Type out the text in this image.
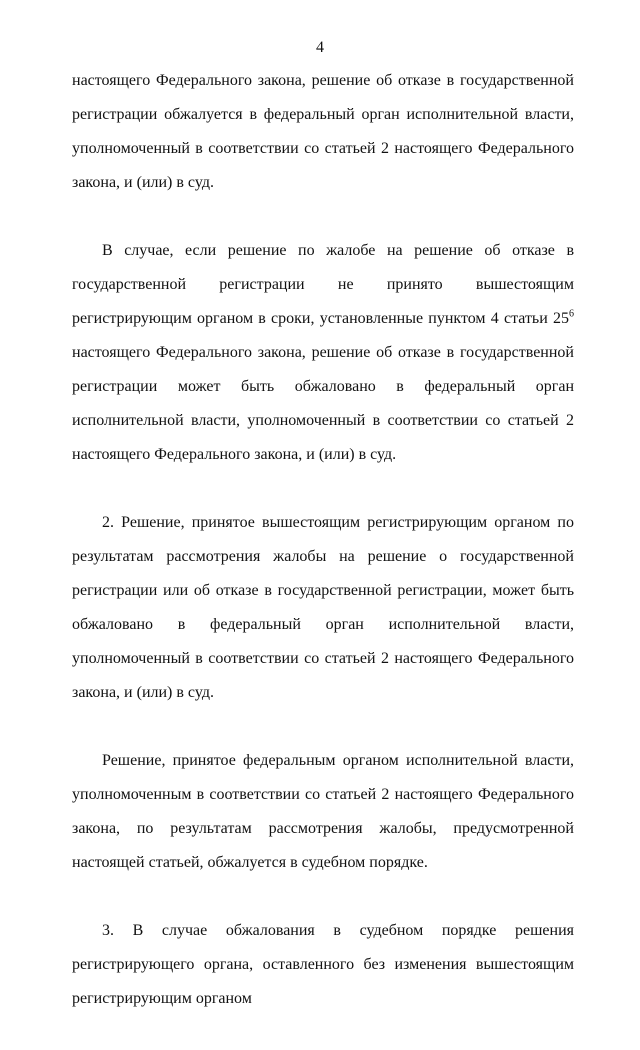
4

настоящего Федерального закона, решение об отказе в государственной регистрации обжалуется в федеральный орган исполнительной власти, уполномоченный в соответствии со статьей 2 настоящего Федерального закона, и (или) в суд.

В случае, если решение по жалобе на решение об отказе в государственной регистрации не принято вышестоящим регистрирующим органом в сроки, установленные пунктом 4 статьи $25^6$ настоящего Федерального закона, решение об отказе в государственной регистрации может быть обжаловано в федеральный орган исполнительной власти, уполномоченный в соответствии со статьей 2 настоящего Федерального закона, и (или) в суд.

2. Решение, принятое вышестоящим регистрирующим органом по результатам рассмотрения жалобы на решение о государственной регистрации или об отказе в государственной регистрации, может быть обжаловано в федеральный орган исполнительной власти, уполномоченный в соответствии со статьей 2 настоящего Федерального закона, и (или) в суд.

Решение, принятое федеральным органом исполнительной власти, уполномоченным в соответствии со статьей 2 настоящего Федерального закона, по результатам рассмотрения жалобы, предусмотренной настоящей статьей, обжалуется в судебном порядке.

3. В случае обжалования в судебном порядке решения регистрирующего органа, оставленного без изменения вышестоящим регистрирующим органом
